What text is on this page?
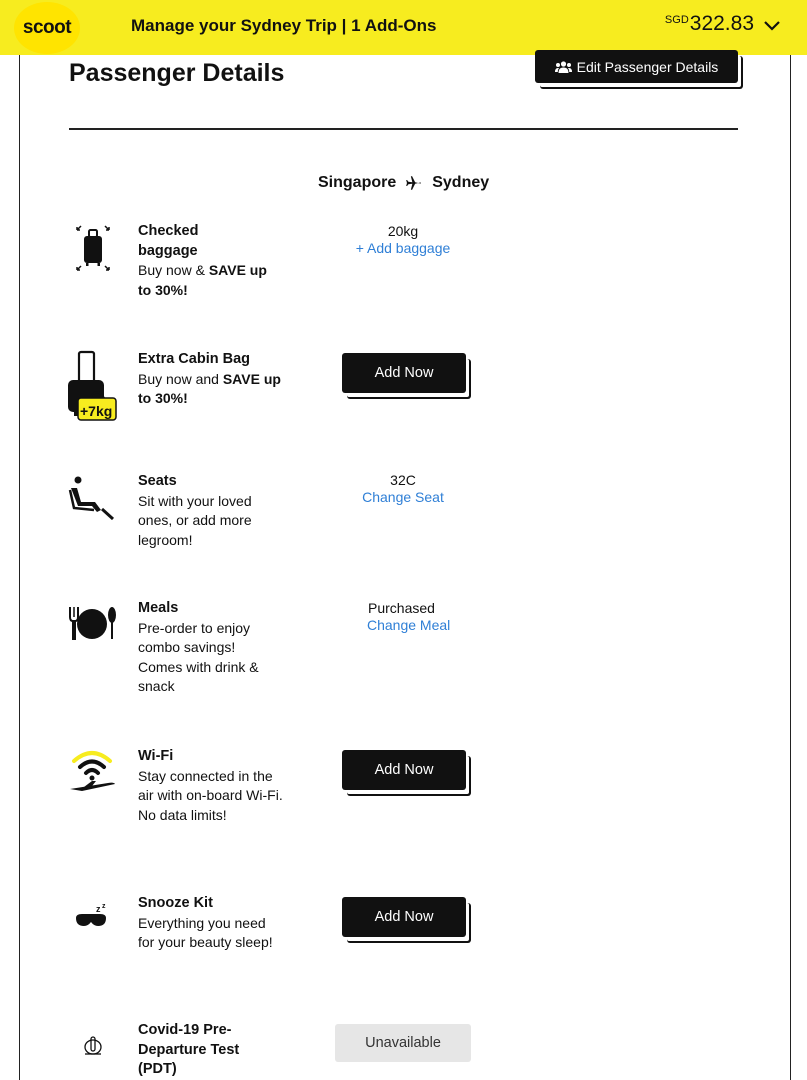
scoot	Manage your Sydney Trip | 1 Add-Ons	$^{SGD}$322.83
Passenger Details	Edit Passenger Details
Singapore Sydney
Checked
baggage
Buy now & SAVE up to 30%!
20kg
+ Add baggage
+7kg
Extra Cabin Bag
Buy now and SAVE up to 30%!
Add Now
Seats
Sit with your loved ones, or add more legroom!
32C
Change Seat
Meals
Pre-order to enjoy combo savings! Comes with drink & snack
Purchased
Change Meal
Wi-Fi
Stay connected in the air with on-board Wi-Fi. No data limits!
Add Now
z z Snooze Kit
Everything you need for your beauty sleep!
Add Now
Covid-19 Pre-Departure Test (PDT)
Unavailable
